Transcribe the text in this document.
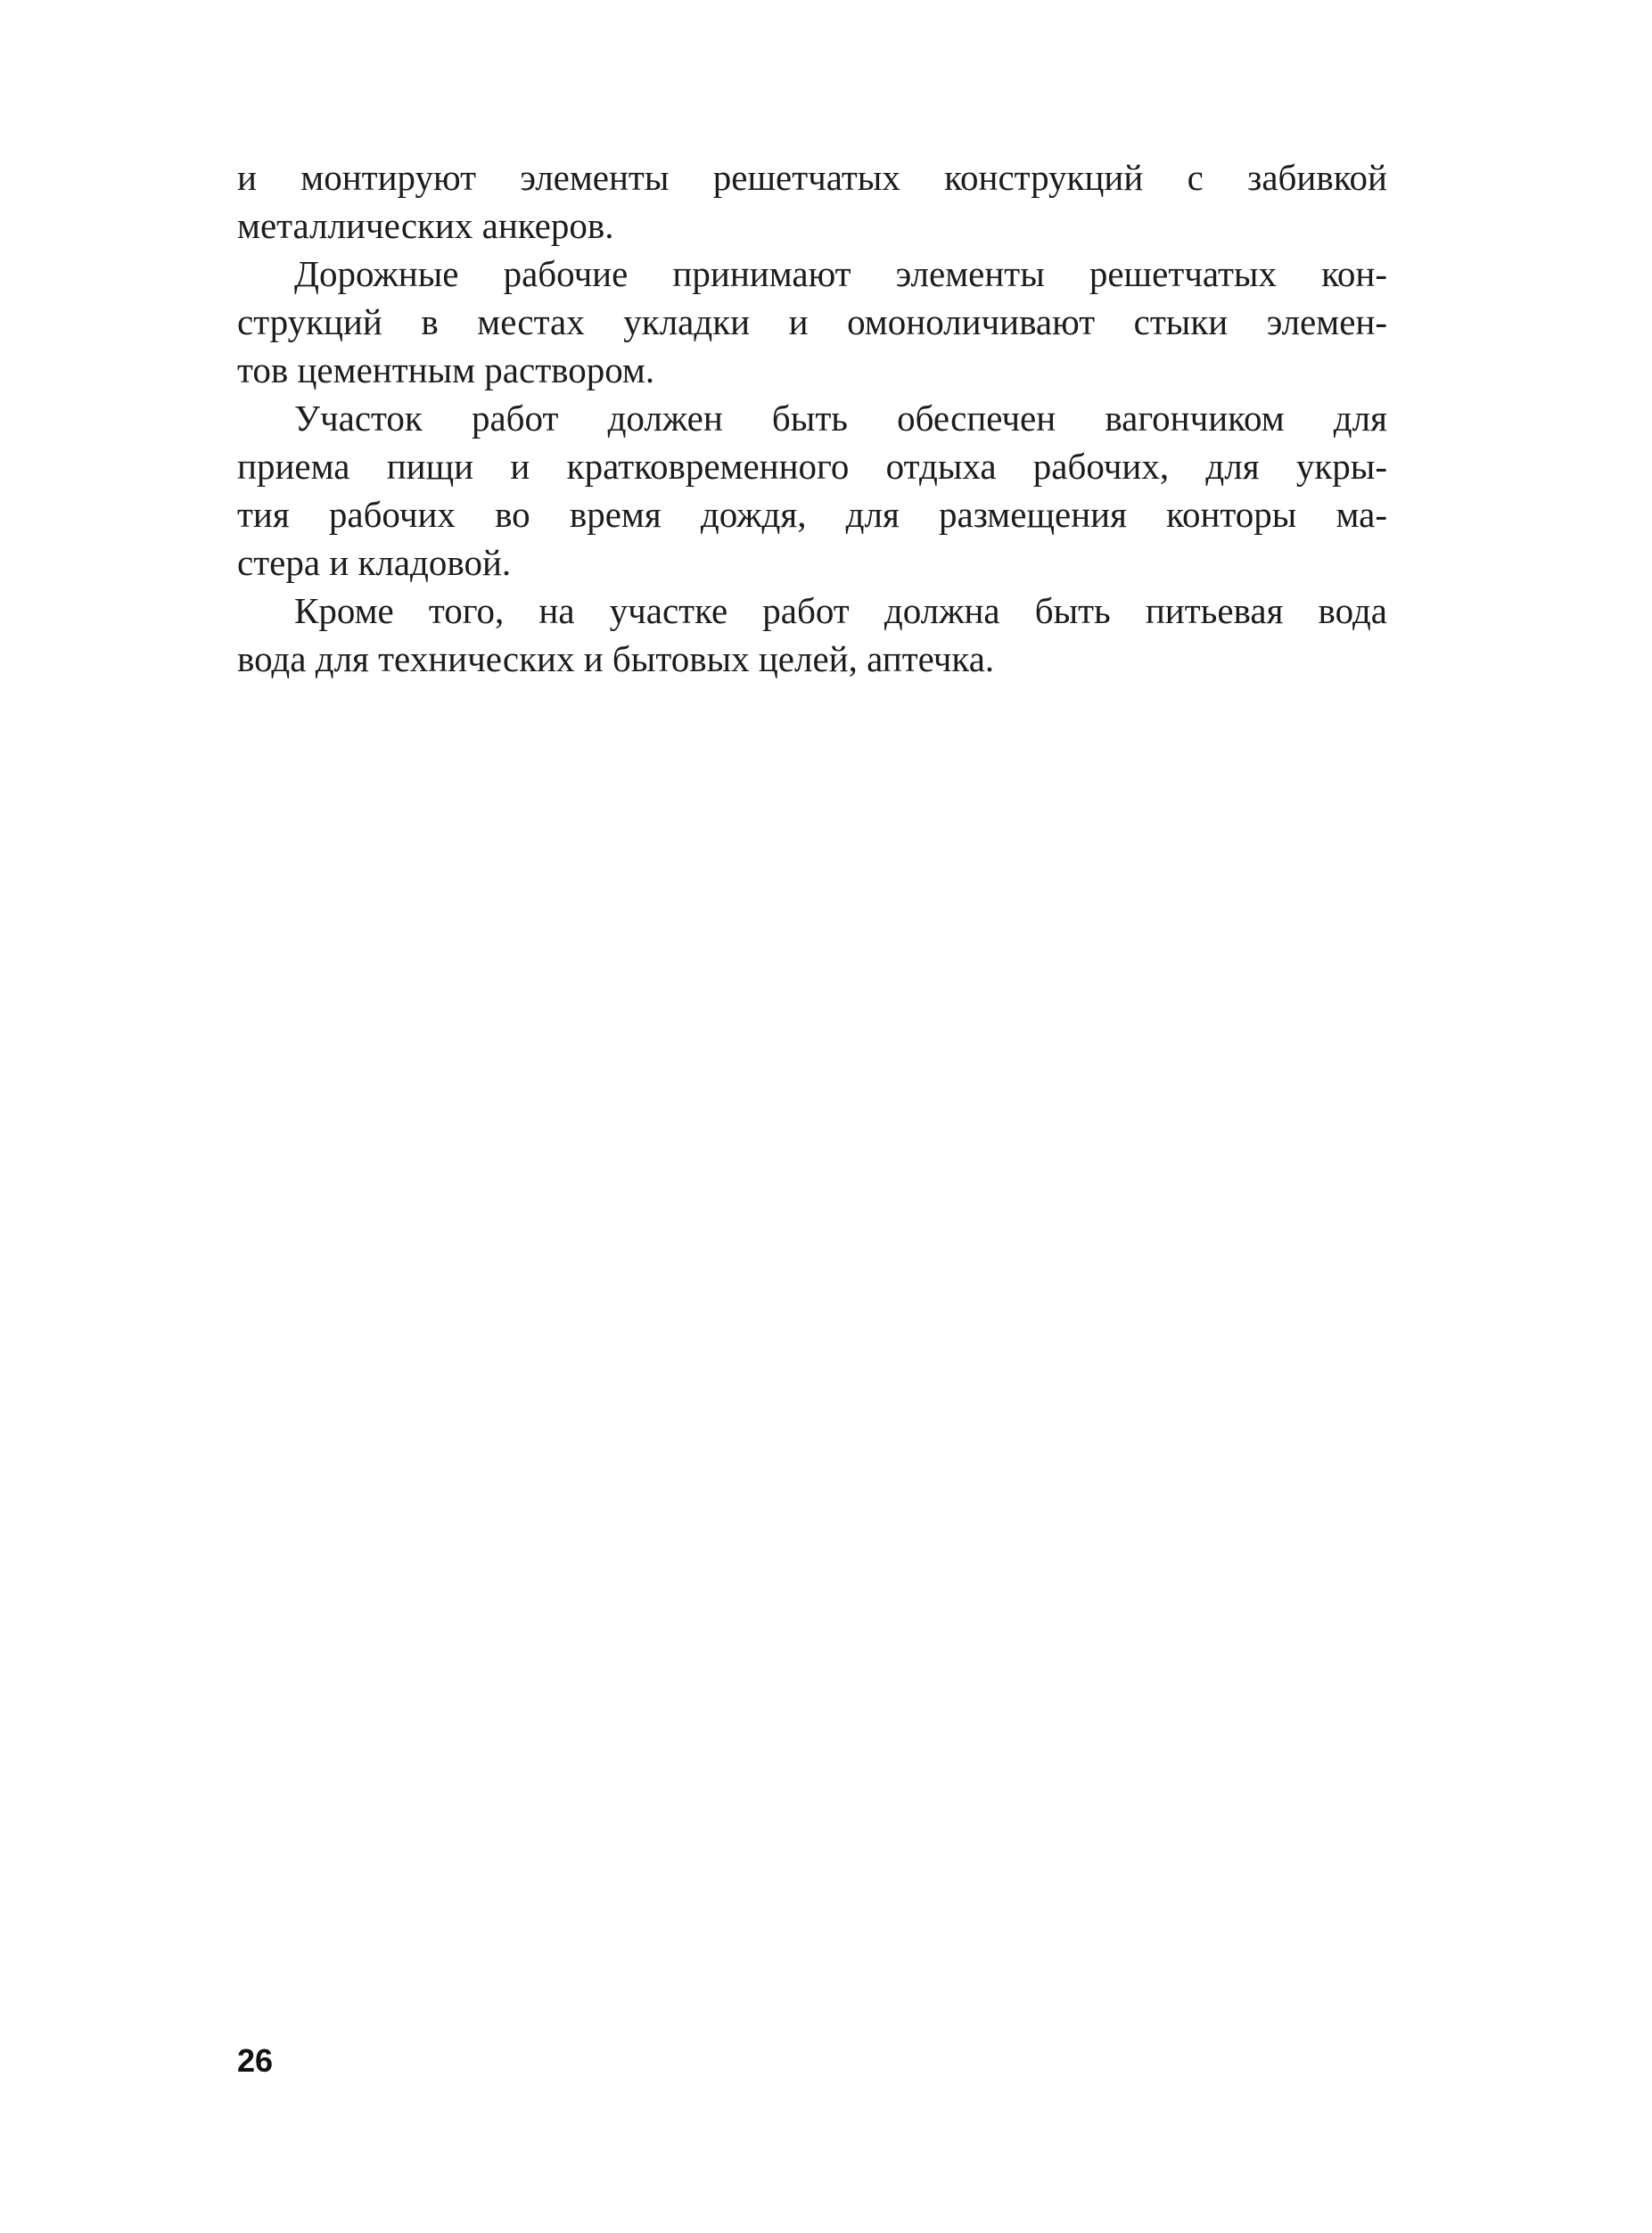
и монтируют элементы решетчатых конструкций с забивкой
металлических анкеров.
Дорожные рабочие принимают элементы решетчатых кон-
струкций в местах укладки и омоноличивают стыки элемен-
тов цементным раствором.
Участок работ должен быть обеспечен вагончиком для
приема пищи и кратковременного отдыха рабочих, для укры-
тия рабочих во время дождя, для размещения конторы ма-
стера и кладовой.
Кроме того, на участке работ должна быть питьевая вода
вода для технических и бытовых целей, аптечка.
26
